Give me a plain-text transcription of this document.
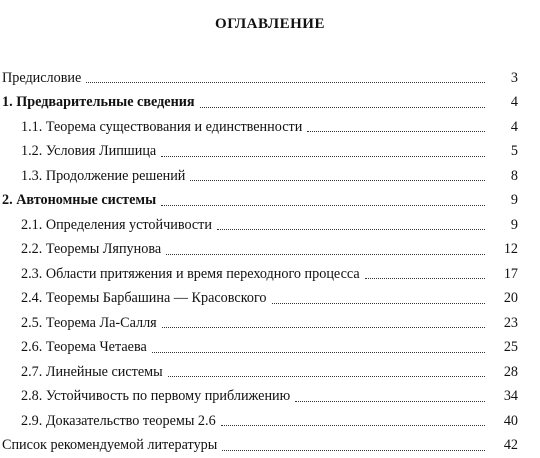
ОГЛАВЛЕНИЕ
Предисловие	3
1. Предварительные сведения	4
1.1. Теорема существования и единственности	4
1.2. Условия Липшица	5
1.3. Продолжение решений	8
2. Автономные системы	9
2.1. Определения устойчивости	9
2.2. Теоремы Ляпунова	12
2.3. Области притяжения и время переходного процесса	17
2.4. Теоремы Барбашина — Красовского	20
2.5. Теорема Ла-Салля	23
2.6. Теорема Четаева	25
2.7. Линейные системы	28
2.8. Устойчивость по первому приближению	34
2.9. Доказательство теоремы 2.6	40
Список рекомендуемой литературы	42
